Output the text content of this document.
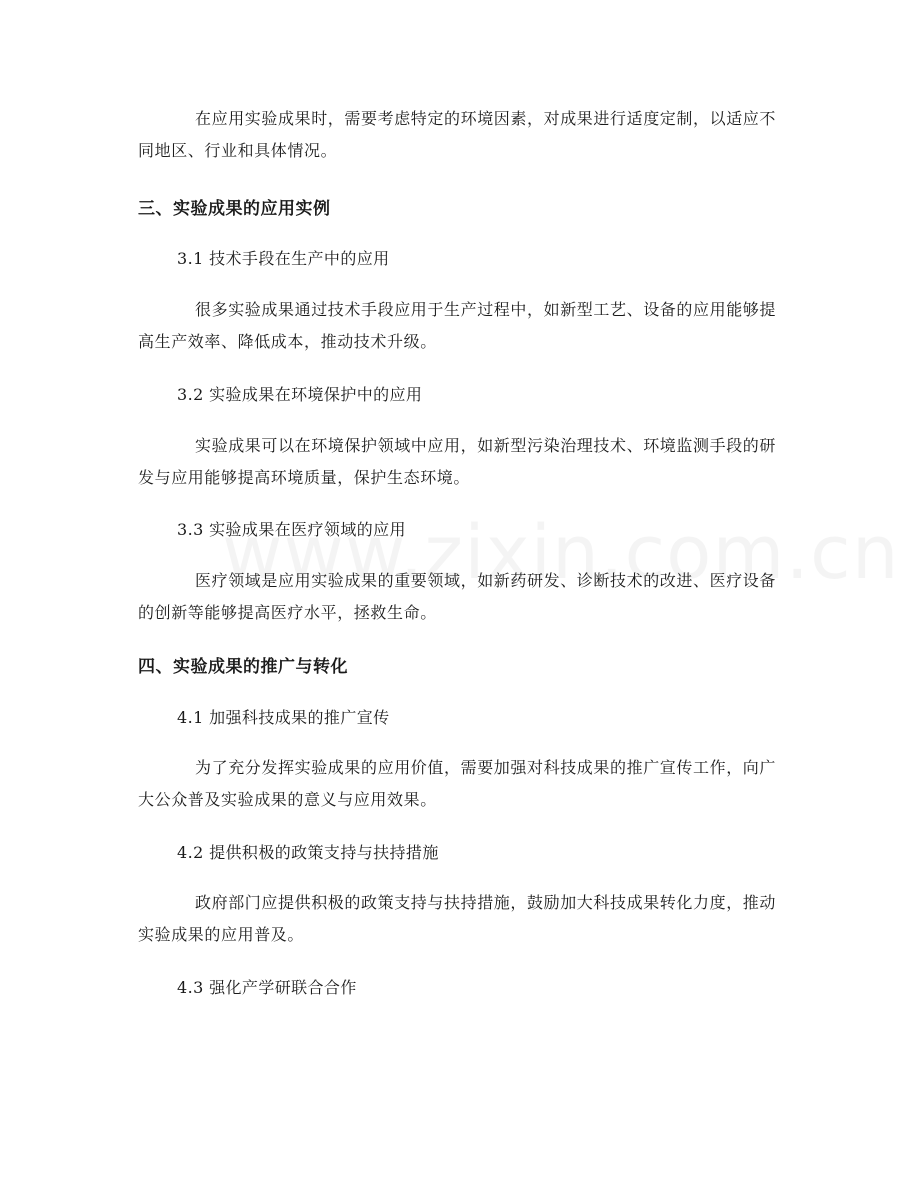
在应用实验成果时，需要考虑特定的环境因素，对成果进行适度定制，以适应不同地区、行业和具体情况。

三、实验成果的应用实例

3.1 技术手段在生产中的应用

很多实验成果通过技术手段应用于生产过程中，如新型工艺、设备的应用能够提高生产效率、降低成本，推动技术升级。

3.2 实验成果在环境保护中的应用

实验成果可以在环境保护领域中应用，如新型污染治理技术、环境监测手段的研发与应用能够提高环境质量，保护生态环境。

3.3 实验成果在医疗领域的应用

医疗领域是应用实验成果的重要领域，如新药研发、诊断技术的改进、医疗设备的创新等能够提高医疗水平，拯救生命。

四、实验成果的推广与转化

4.1 加强科技成果的推广宣传

为了充分发挥实验成果的应用价值，需要加强对科技成果的推广宣传工作，向广大公众普及实验成果的意义与应用效果。

4.2 提供积极的政策支持与扶持措施

政府部门应提供积极的政策支持与扶持措施，鼓励加大科技成果转化力度，推动实验成果的应用普及。

4.3 强化产学研联合合作
